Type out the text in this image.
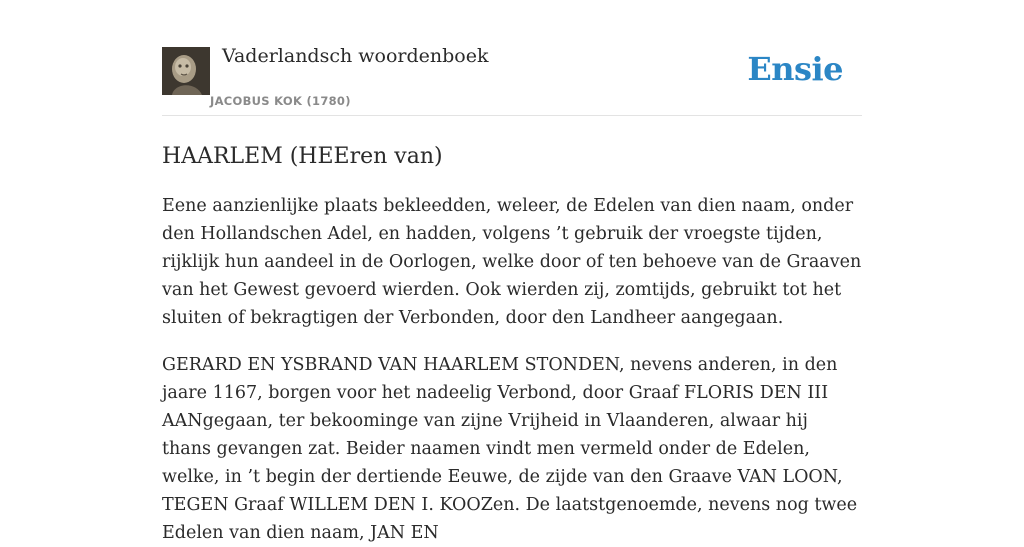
Vaderlandsch woordenboek
JACOBUS KOK (1780)
Ensie
HAARLEM (HEEren van)

Eene aanzienlijke plaats bekleedden, weleer, de Edelen van dien naam, onder den Hollandschen Adel, en hadden, volgens ’t gebruik der vroegste tijden, rijklijk hun aandeel in de Oorlogen, welke door of ten behoeve van de Graaven van het Gewest gevoerd wierden. Ook wierden zij, zomtijds, gebruikt tot het sluiten of bekragtigen der Verbonden, door den Landheer aangegaan.

GERARD EN YSBRAND VAN HAARLEM STONDEN, nevens anderen, in den jaare 1167, borgen voor het nadeelig Verbond, door Graaf FLORIS DEN III AANgegaan, ter bekoominge van zijne Vrijheid in Vlaanderen, alwaar hij thans gevangen zat. Beider naamen vindt men vermeld onder de Edelen, welke, in ’t begin der dertiende Eeuwe, de zijde van den Graave VAN LOON, TEGEN Graaf WILLEM DEN I. KOOZen. De laatstgenoemde, nevens nog twee Edelen van dien naam, JAN EN
